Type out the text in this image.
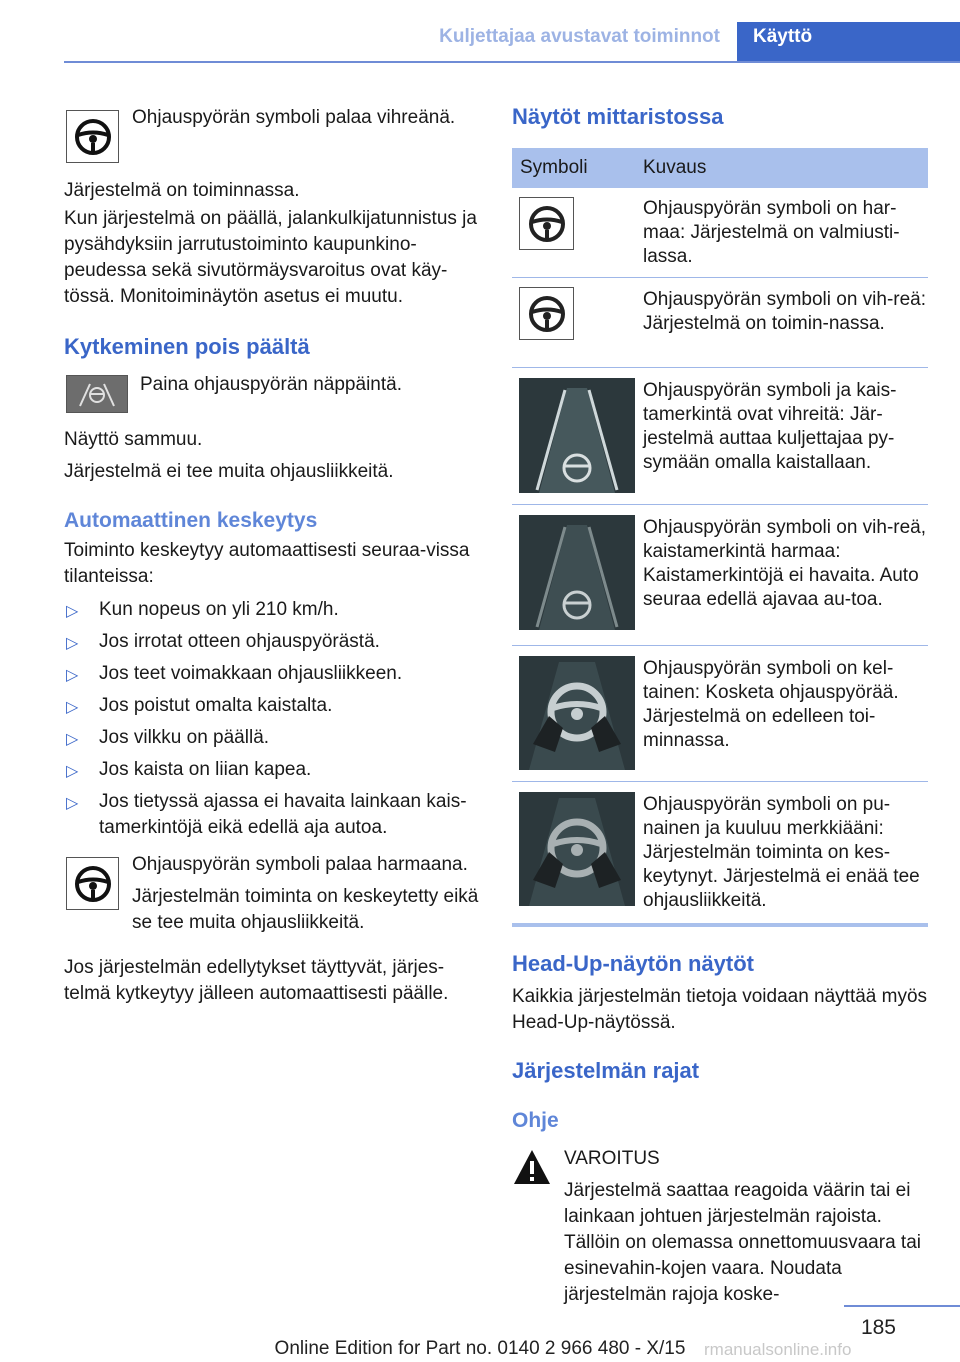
Kuljettajaa avustavat toiminnot	Käyttö

Ohjauspyörän symboli palaa vihreänä.

Järjestelmä on toiminnassa.

Kun järjestelmä on päällä, jalankulkijatunnistus ja pysähdyksiin jarrutustoiminto kaupunkino-peudessa sekä sivutörmäysvaroitus ovat käy-tössä. Monitoiminäytön asetus ei muutu.

Kytkeminen pois päältä

Paina ohjauspyörän näppäintä.

Näyttö sammuu.

Järjestelmä ei tee muita ohjausliikkeitä.

Automaattinen keskeytys

Toiminto keskeytyy automaattisesti seuraa-vissa tilanteissa:

▷ Kun nopeus on yli 210 km/h.
▷ Jos irrotat otteen ohjauspyörästä.
▷ Jos teet voimakkaan ohjausliikkeen.
▷ Jos poistut omalta kaistalta.
▷ Jos vilkku on päällä.
▷ Jos kaista on liian kapea.
▷ Jos tietyssä ajassa ei havaita lainkaan kais-tamerkintöjä eikä edellä aja autoa.

Ohjauspyörän symboli palaa harmaana.

Järjestelmän toiminta on keskeytetty eikä se tee muita ohjausliikkeitä.

Jos järjestelmän edellytykset täyttyvät, järjes-telmä kytkeytyy jälleen automaattisesti päälle.

Näytöt mittaristossa
Symboli	Kuvaus
Ohjauspyörän symboli on har-maa: Järjestelmä on valmiusti-lassa.
Ohjauspyörän symboli on vih-reä: Järjestelmä on toimin-nassa.
Ohjauspyörän symboli ja kais-tamerkintä ovat vihreitä: Jär-jestelmä auttaa kuljettajaa py-symään omalla kaistallaan.
Ohjauspyörän symboli on vih-reä, kaistamerkintä harmaa: Kaistamerkintöjä ei havaita. Auto seuraa edellä ajavaa au-toa.
Ohjauspyörän symboli on kel-tainen: Kosketa ohjauspyörää. Järjestelmä on edelleen toi-minnassa.
Ohjauspyörän symboli on pu-nainen ja kuuluu merkkiääni: Järjestelmän toiminta on kes-keytynyt. Järjestelmä ei enää tee ohjausliikkeitä.
Head-Up-näytön näytöt

Kaikkia järjestelmän tietoja voidaan näyttää myös Head-Up-näytössä.

Järjestelmän rajat
Ohje

VAROITUS

Järjestelmä saattaa reagoida väärin tai ei lainkaan johtuen järjestelmän rajoista. Tällöin on olemassa onnettomuusvaara tai esinevahin-kojen vaara. Noudata järjestelmän rajoja koske-
185
Online Edition for Part no. 0140 2 966 480 - X/15	rmanualsonline.info
